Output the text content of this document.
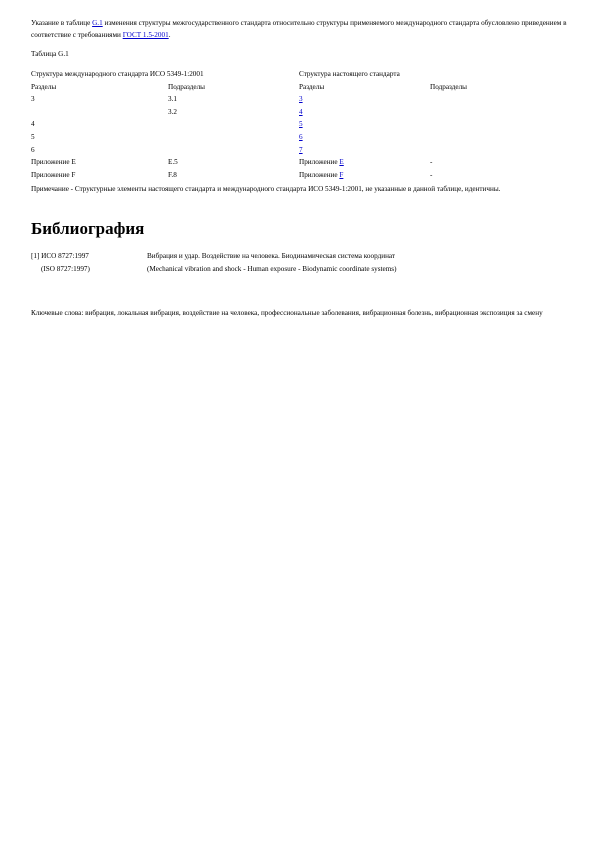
Указание в таблице G.1 изменения структуры межгосударственного стандарта относительно структуры применяемого международного стандарта обусловлено приведением в соответствие с требованиями ГОСТ 1.5-2001.
Таблица G.1
Структура международного стандарта ИСО 5349-1:2001		Структура настоящего стандарта	
Разделы	Подразделы	Разделы	Подразделы
3	3.1	3	
	3.2	4	
4		5	
5		6	
6		7	
Приложение E	E.5	Приложение Е	-
Приложение F	F.8	Приложение F	-
Примечание - Структурные элементы настоящего стандарта и международного стандарта ИСО 5349-1:2001, не указанные в данной таблице, идентичны.
Библиография
[1] ИСО 8727:1997	Вибрация и удар. Воздействие на человека. Биодинамическая система координат
(ISO 8727:1997)	(Mechanical vibration and shock - Human exposure - Biodynamic coordinate systems)
Ключевые слова: вибрация, локальная вибрация, воздействие на человека, профессиональные заболевания, вибрационная болезнь, вибрационная экспозиция за смену
